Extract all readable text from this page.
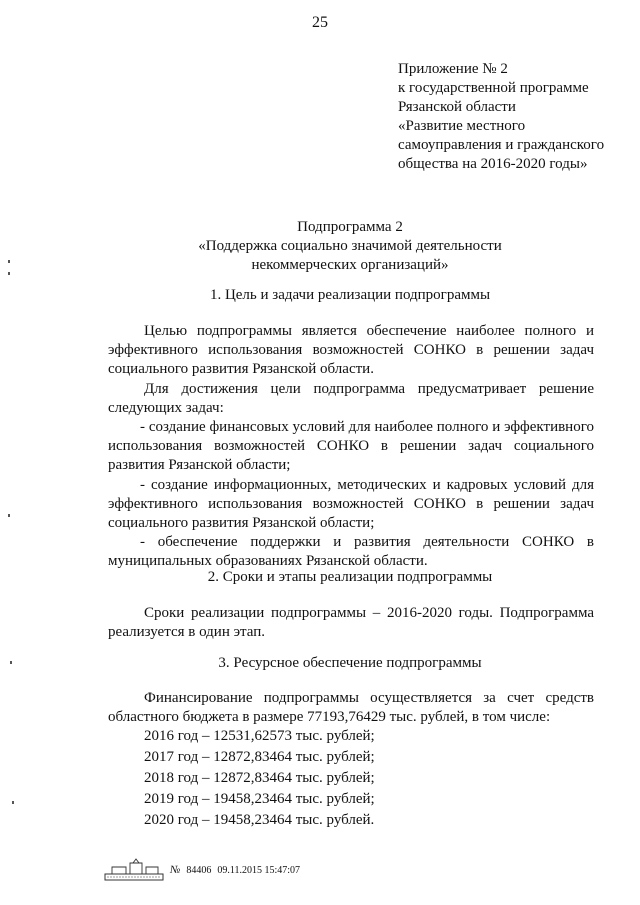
25
Приложение № 2
к государственной программе
Рязанской области
«Развитие местного
самоуправления и гражданского
общества на 2016-2020 годы»
Подпрограмма 2
«Поддержка социально значимой деятельности
некоммерческих организаций»
1. Цель и задачи реализации подпрограммы

Целью подпрограммы является обеспечение наиболее полного и эффективного использования возможностей СОНКО в решении задач социального развития Рязанской области.

Для достижения цели подпрограмма предусматривает решение следующих задач:

- создание финансовых условий для наиболее полного и эффективного использования возможностей СОНКО в решении задач социального развития Рязанской области;

- создание информационных, методических и кадровых условий для эффективного использования возможностей СОНКО в решении задач социального развития Рязанской области;

- обеспечение поддержки и развития деятельности СОНКО в муниципальных образованиях Рязанской области.

2. Сроки и этапы реализации подпрограммы

Сроки реализации подпрограммы – 2016-2020 годы. Подпрограмма реализуется в один этап.

3. Ресурсное обеспечение подпрограммы

Финансирование подпрограммы осуществляется за счет средств областного бюджета в размере 77193,76429 тыс. рублей, в том числе:

2016 год – 12531,62573 тыс. рублей;
2017 год – 12872,83464 тыс. рублей;
2018 год – 12872,83464 тыс. рублей;
2019 год – 19458,23464 тыс. рублей;
2020 год – 19458,23464 тыс. рублей.
№ 84406 09.11.2015 15:47:07
